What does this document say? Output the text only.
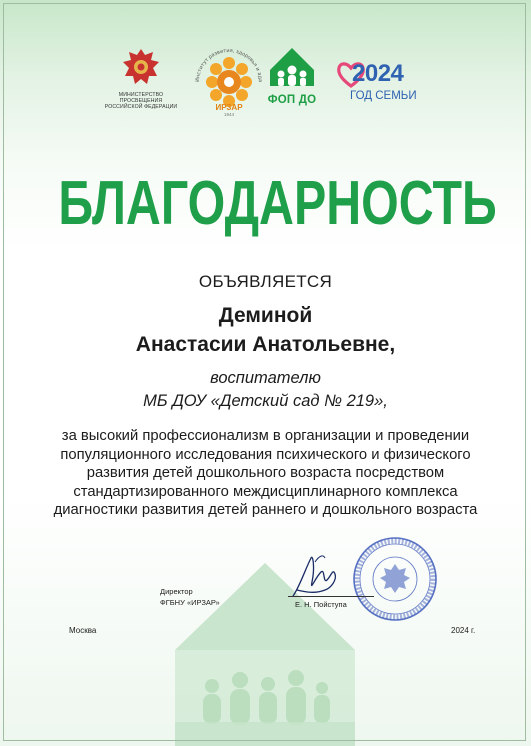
МИНИСТЕРСТВО ПРОСВЕЩЕНИЯ
РОССИЙСКОЙ ФЕДЕРАЦИИ
Институт развития, здоровья и ада
ИРЗАР
1944
ФОП ДО
2024
ГОД СЕМЬИ
БЛАГОДАРНОСТЬ
ОБЪЯВЛЯЕТСЯ
Деминой
Анастасии Анатольевне,
воспитателю
МБ ДОУ «Детский сад № 219»,
за высокий профессионализм в организации и проведении
популяционного исследования психического и физического
развития детей дошкольного возраста посредством
стандартизированного междисциплинарного комплекса
диагностики развития детей раннего и дошкольного возраста
Директор
ФГБНУ «ИРЗАР»	Е. Н. Пойступа
Москва	2024 г.
